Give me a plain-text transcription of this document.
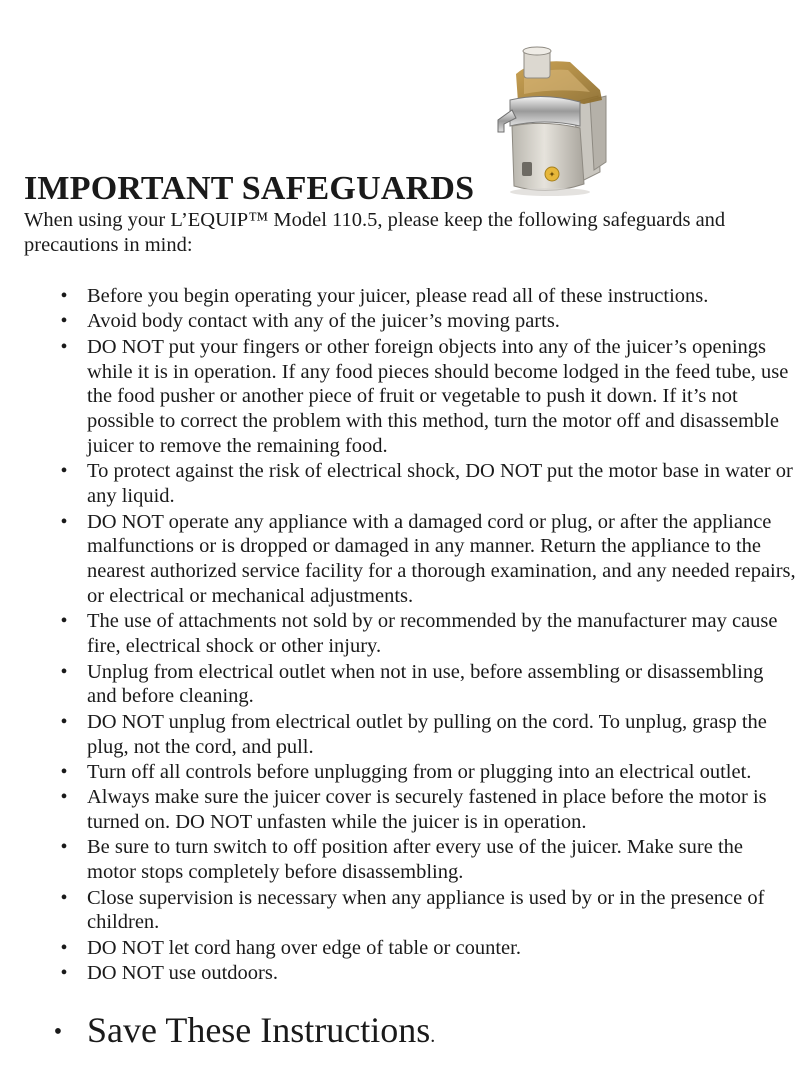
✦
IMPORTANT SAFEGUARDS

When using your L’EQUIP™ Model 110.5, please keep the following safeguards and precautions in mind:

• Before you begin operating your juicer, please read all of these instructions.
• Avoid body contact with any of the juicer’s moving parts.
• DO NOT put your fingers or other foreign objects into any of the juicer’s openings while it is in operation. If any food pieces should become lodged in the feed tube, use the food pusher or another piece of fruit or vegetable to push it down. If it’s not possible to correct the problem with this method, turn the motor off and disassemble juicer to remove the remaining food.
• To protect against the risk of electrical shock, DO NOT put the motor base in water or any liquid.
• DO NOT operate any appliance with a damaged cord or plug, or after the appliance malfunctions or is dropped or damaged in any manner. Return the appliance to the nearest authorized service facility for a thorough examination, and any needed repairs, or electrical or mechanical adjustments.
• The use of attachments not sold by or recommended by the manufacturer may cause fire, electrical shock or other injury.
• Unplug from electrical outlet when not in use, before assembling or disassembling and before cleaning.
• DO NOT unplug from electrical outlet by pulling on the cord. To unplug, grasp the plug, not the cord, and pull.
• Turn off all controls before unplugging from or plugging into an electrical outlet.
• Always make sure the juicer cover is securely fastened in place before the motor is turned on. DO NOT unfasten while the juicer is in operation.
• Be sure to turn switch to off position after every use of the juicer. Make sure the motor stops completely before disassembling.
• Close supervision is necessary when any appliance is used by or in the presence of children.
• DO NOT let cord hang over edge of table or counter.
• DO NOT use outdoors.
• Save These Instructions.
